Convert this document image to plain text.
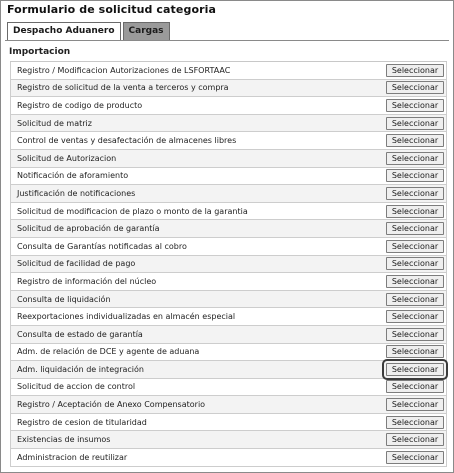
Formulario de solicitud categoria
Despacho Aduanero	Cargas
Importacion
Registro / Modificacion Autorizaciones de LSFORTAAC	Seleccionar
Registro de solicitud de la venta a terceros y compra	Seleccionar
Registro de codigo de producto	Seleccionar
Solicitud de matriz	Seleccionar
Control de ventas y desafectación de almacenes libres	Seleccionar
Solicitud de Autorizacion	Seleccionar
Notificación de aforamiento	Seleccionar
Justificación de notificaciones	Seleccionar
Solicitud de modificacion de plazo o monto de la garantia	Seleccionar
Solicitud de aprobación de garantía	Seleccionar
Consulta de Garantías notificadas al cobro	Seleccionar
Solicitud de facilidad de pago	Seleccionar
Registro de información del núcleo	Seleccionar
Consulta de liquidación	Seleccionar
Reexportaciones individualizadas en almacén especial	Seleccionar
Consulta de estado de garantía	Seleccionar
Adm. de relación de DCE y agente de aduana	Seleccionar
Adm. liquidación de integración	Seleccionar
Solicitud de accion de control	Seleccionar
Registro / Aceptación de Anexo Compensatorio	Seleccionar
Registro de cesion de titularidad	Seleccionar
Existencias de insumos	Seleccionar
Administracion de reutilizar	Seleccionar
